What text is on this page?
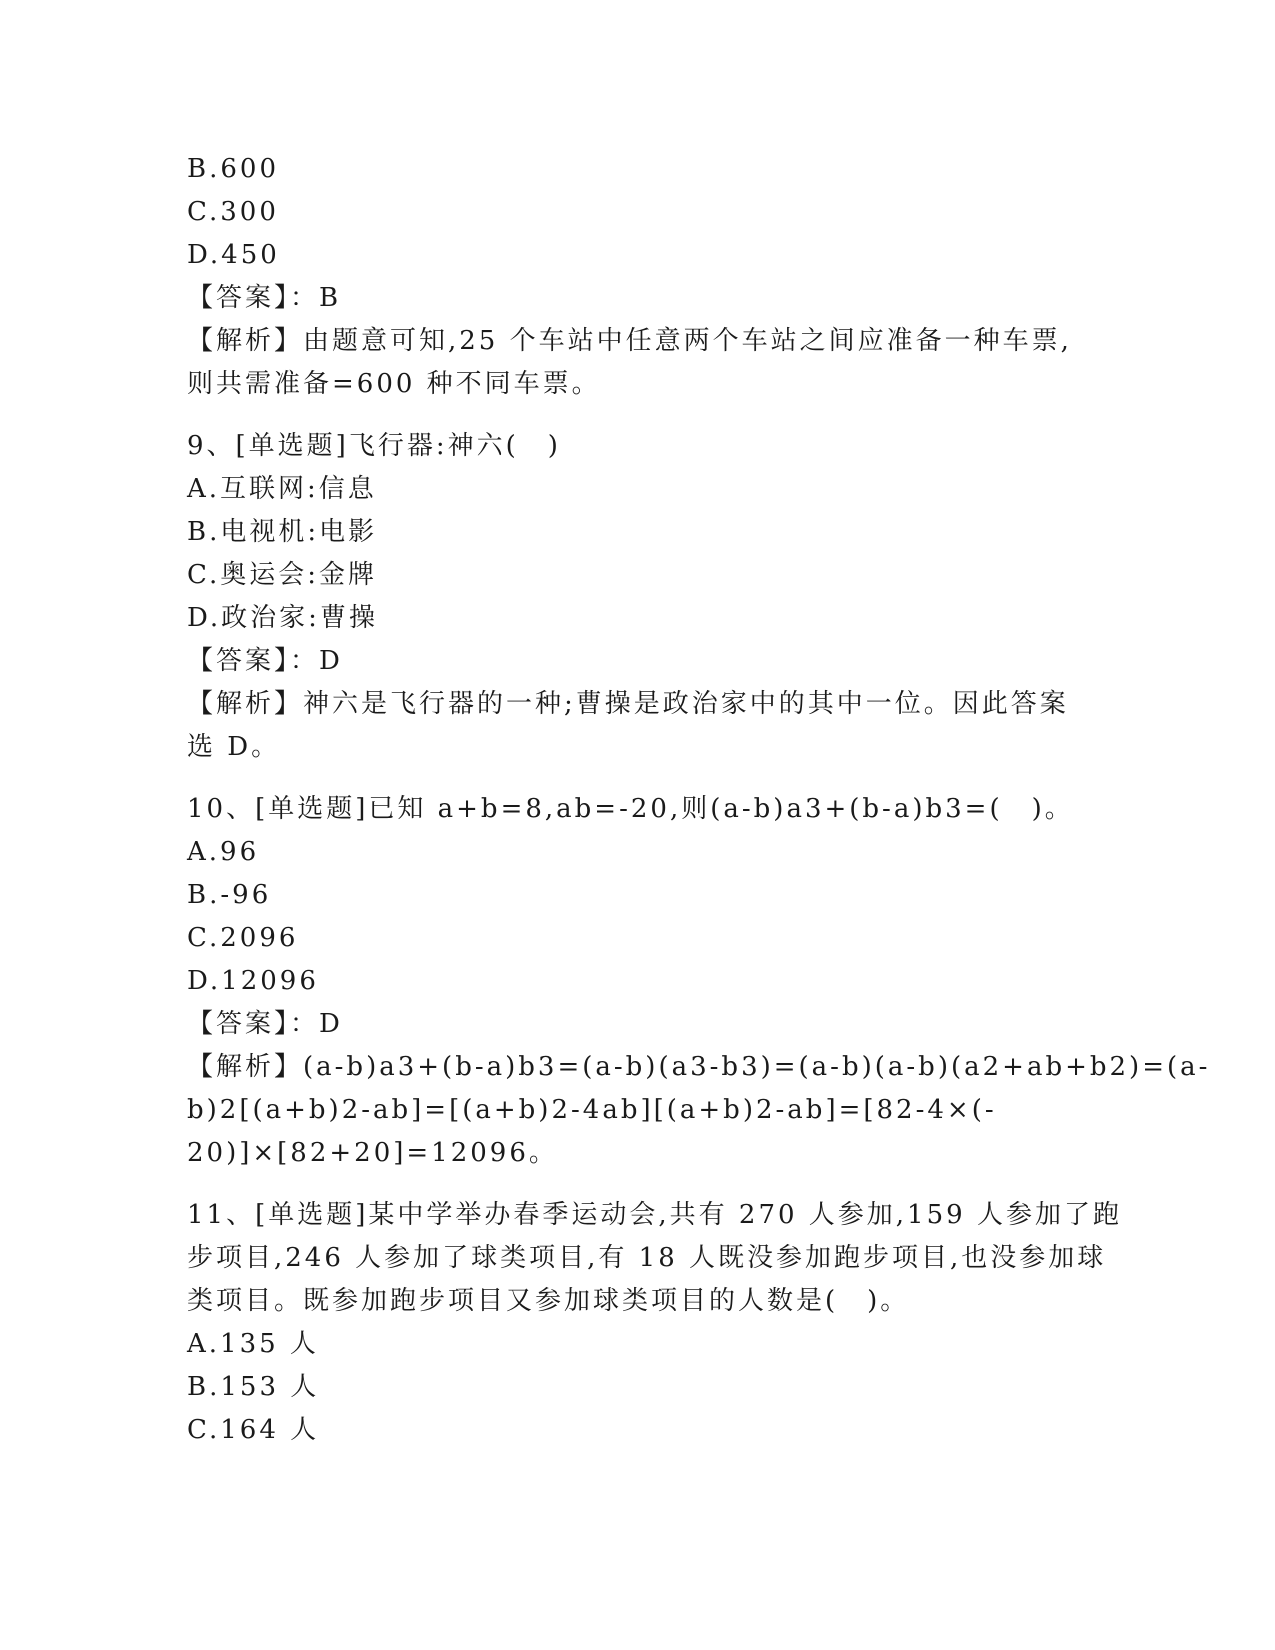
B.600
C.300
D.450
【答案】：B
【解析】由题意可知,25 个车站中任意两个车站之间应准备一种车票,
则共需准备=600 种不同车票。
9、[单选题]飞行器:神六(　)
A.互联网:信息
B.电视机:电影
C.奥运会:金牌
D.政治家:曹操
【答案】：D
【解析】神六是飞行器的一种;曹操是政治家中的其中一位。因此答案
选 D。
10、[单选题]已知 a+b=8,ab=-20,则(a-b)a3+(b-a)b3=(　)。
A.96
B.-96
C.2096
D.12096
【答案】：D
【解析】(a-b)a3+(b-a)b3=(a-b)(a3-b3)=(a-b)(a-b)(a2+ab+b2)=(a-
b)2[(a+b)2-ab]=[(a+b)2-4ab][(a+b)2-ab]=[82-4×(-
20)]×[82+20]=12096。
11、[单选题]某中学举办春季运动会,共有 270 人参加,159 人参加了跑
步项目,246 人参加了球类项目,有 18 人既没参加跑步项目,也没参加球
类项目。既参加跑步项目又参加球类项目的人数是(　)。
A.135 人
B.153 人
C.164 人
